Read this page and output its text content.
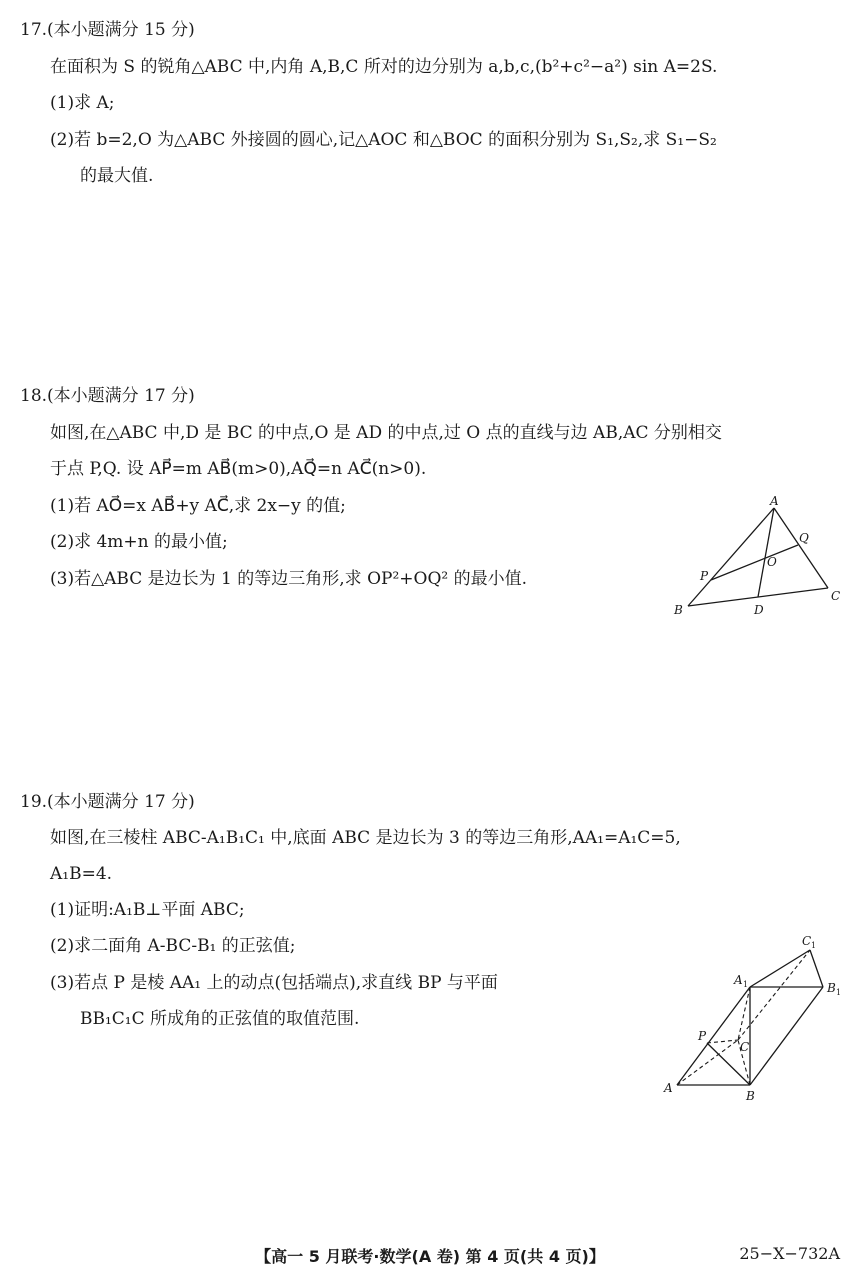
17.(本小题满分 15 分)
在面积为 S 的锐角△ABC 中,内角 A,B,C 所对的边分别为 a,b,c,(b²+c²−a²) sin A=2S.
(1)求 A;
(2)若 b=2,O 为△ABC 外接圆的圆心,记△AOC 和△BOC 的面积分别为 S₁,S₂,求 S₁−S₂
的最大值.
18.(本小题满分 17 分)
如图,在△ABC 中,D 是 BC 的中点,O 是 AD 的中点,过 O 点的直线与边 AB,AC 分别相交
于点 P,Q. 设 AP⃗=m AB⃗(m>0),AQ⃗=n AC⃗(n>0).
(1)若 AO⃗=x AB⃗+y AC⃗,求 2x−y 的值;
(2)求 4m+n 的最小值;
(3)若△ABC 是边长为 1 的等边三角形,求 OP²+OQ² 的最小值.
A
B
C
D
O
P
Q
19.(本小题满分 17 分)
如图,在三棱柱 ABC-A₁B₁C₁ 中,底面 ABC 是边长为 3 的等边三角形,AA₁=A₁C=5,
A₁B=4.
(1)证明:A₁B⊥平面 ABC;
(2)求二面角 A-BC-B₁ 的正弦值;
(3)若点 P 是棱 AA₁ 上的动点(包括端点),求直线 BP 与平面
BB₁C₁C 所成角的正弦值的取值范围.
A
B
C
P
A 1	B 1
C 1
【高一 5 月联考·数学(A 卷) 第 4 页(共 4 页)】	25−X−732A
